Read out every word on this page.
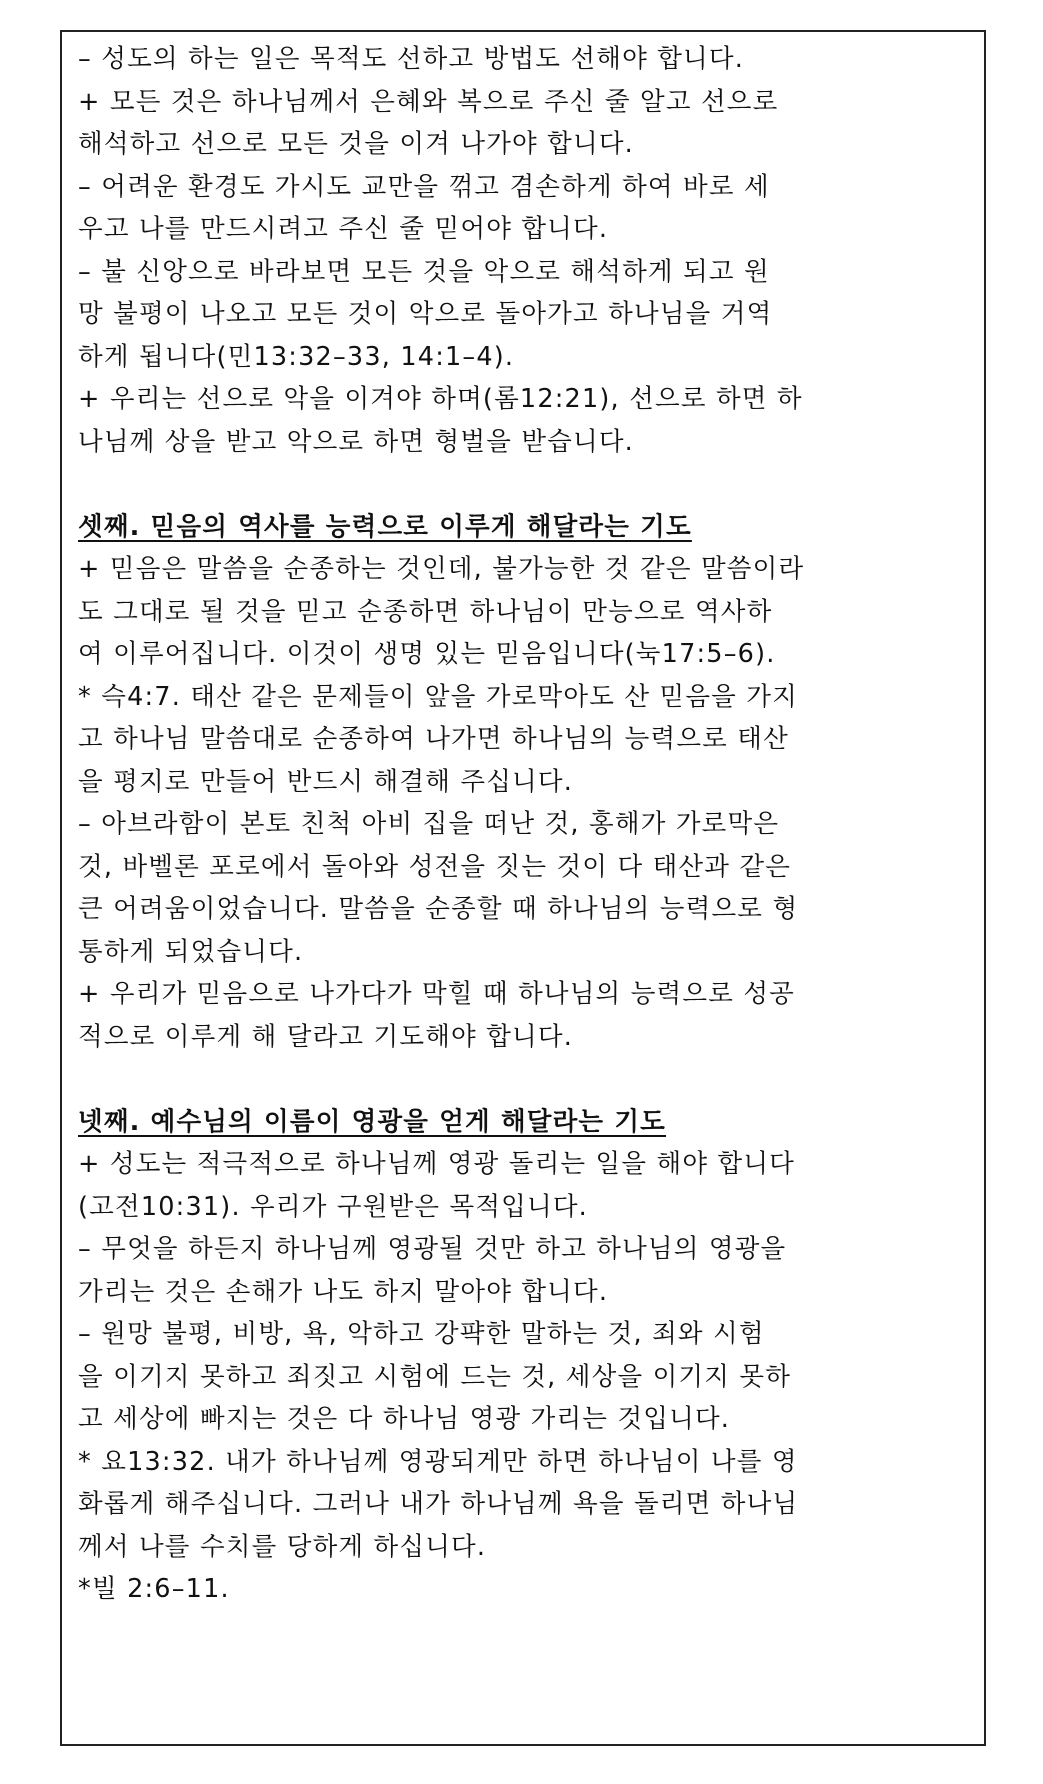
– 성도의 하는 일은 목적도 선하고 방법도 선해야 합니다.
+ 모든 것은 하나님께서 은혜와 복으로 주신 줄 알고 선으로
해석하고 선으로 모든 것을 이겨 나가야 합니다.
– 어려운 환경도 가시도 교만을 꺾고 겸손하게 하여 바로 세
우고 나를 만드시려고 주신 줄 믿어야 합니다.
– 불 신앙으로 바라보면 모든 것을 악으로 해석하게 되고 원
망 불평이 나오고 모든 것이 악으로 돌아가고 하나님을 거역
하게 됩니다(민13:32–33, 14:1–4).
+ 우리는 선으로 악을 이겨야 하며(롬12:21), 선으로 하면 하
나님께 상을 받고 악으로 하면 형벌을 받습니다.
셋째. 믿음의 역사를 능력으로 이루게 해달라는 기도
+ 믿음은 말씀을 순종하는 것인데, 불가능한 것 같은 말씀이라
도 그대로 될 것을 믿고 순종하면 하나님이 만능으로 역사하
여 이루어집니다. 이것이 생명 있는 믿음입니다(눅17:5–6).
* 슥4:7. 태산 같은 문제들이 앞을 가로막아도 산 믿음을 가지
고 하나님 말씀대로 순종하여 나가면 하나님의 능력으로 태산
을 평지로 만들어 반드시 해결해 주십니다.
– 아브라함이 본토 친척 아비 집을 떠난 것, 홍해가 가로막은
것, 바벨론 포로에서 돌아와 성전을 짓는 것이 다 태산과 같은
큰 어려움이었습니다. 말씀을 순종할 때 하나님의 능력으로 형
통하게 되었습니다.
+ 우리가 믿음으로 나가다가 막힐 때 하나님의 능력으로 성공
적으로 이루게 해 달라고 기도해야 합니다.
넷째. 예수님의 이름이 영광을 얻게 해달라는 기도
+ 성도는 적극적으로 하나님께 영광 돌리는 일을 해야 합니다
(고전10:31). 우리가 구원받은 목적입니다.
– 무엇을 하든지 하나님께 영광될 것만 하고 하나님의 영광을
가리는 것은 손해가 나도 하지 말아야 합니다.
– 원망 불평, 비방, 욕, 악하고 강퍅한 말하는 것, 죄와 시험
을 이기지 못하고 죄짓고 시험에 드는 것, 세상을 이기지 못하
고 세상에 빠지는 것은 다 하나님 영광 가리는 것입니다.
* 요13:32. 내가 하나님께 영광되게만 하면 하나님이 나를 영
화롭게 해주십니다. 그러나 내가 하나님께 욕을 돌리면 하나님
께서 나를 수치를 당하게 하십니다.
*빌 2:6–11.
